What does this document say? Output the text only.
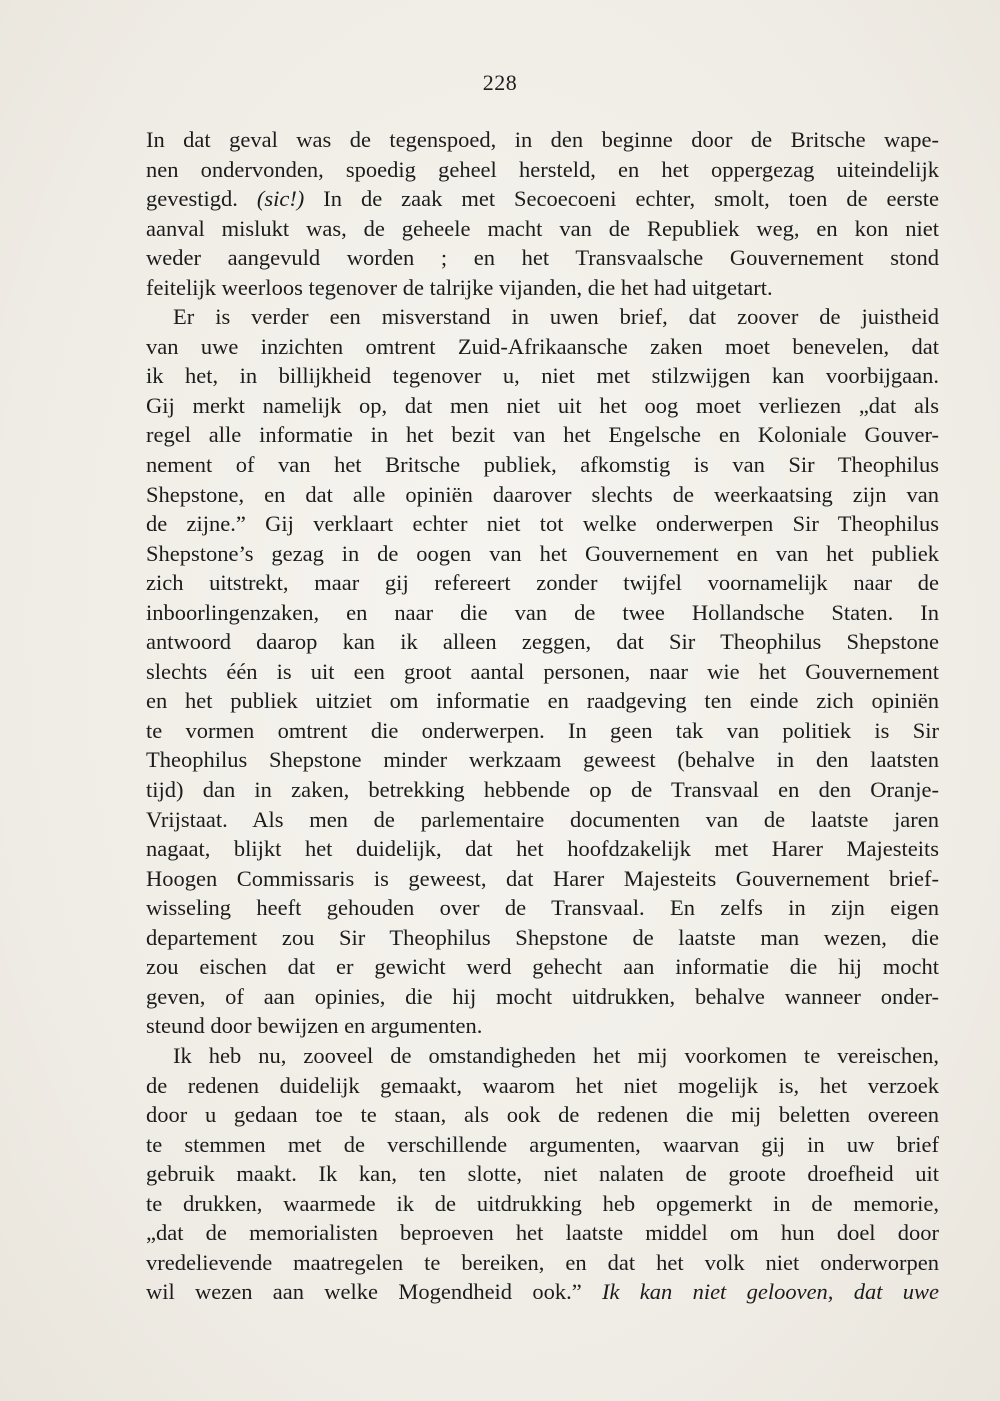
228
In dat geval was de tegenspoed, in den beginne door de Britsche wape-
nen ondervonden, spoedig geheel hersteld, en het oppergezag uiteindelijk
gevestigd. (sic!) In de zaak met Secoecoeni echter, smolt, toen de eerste
aanval mislukt was, de geheele macht van de Republiek weg, en kon niet
weder aangevuld worden ; en het Transvaalsche Gouvernement stond
feitelijk weerloos tegenover de talrijke vijanden, die het had uitgetart.
Er is verder een misverstand in uwen brief, dat zoover de juistheid
van uwe inzichten omtrent Zuid-Afrikaansche zaken moet benevelen, dat
ik het, in billijkheid tegenover u, niet met stilzwijgen kan voorbijgaan.
Gij merkt namelijk op, dat men niet uit het oog moet verliezen „dat als
regel alle informatie in het bezit van het Engelsche en Koloniale Gouver-
nement of van het Britsche publiek, afkomstig is van Sir Theophilus
Shepstone, en dat alle opiniën daarover slechts de weerkaatsing zijn van
de zijne.” Gij verklaart echter niet tot welke onderwerpen Sir Theophilus
Shepstone’s gezag in de oogen van het Gouvernement en van het publiek
zich uitstrekt, maar gij refereert zonder twijfel voornamelijk naar de
inboorlingenzaken, en naar die van de twee Hollandsche Staten. In
antwoord daarop kan ik alleen zeggen, dat Sir Theophilus Shepstone
slechts één is uit een groot aantal personen, naar wie het Gouvernement
en het publiek uitziet om informatie en raadgeving ten einde zich opiniën
te vormen omtrent die onderwerpen. In geen tak van politiek is Sir
Theophilus Shepstone minder werkzaam geweest (behalve in den laatsten
tijd) dan in zaken, betrekking hebbende op de Transvaal en den Oranje-
Vrijstaat. Als men de parlementaire documenten van de laatste jaren
nagaat, blijkt het duidelijk, dat het hoofdzakelijk met Harer Majesteits
Hoogen Commissaris is geweest, dat Harer Majesteits Gouvernement brief-
wisseling heeft gehouden over de Transvaal. En zelfs in zijn eigen
departement zou Sir Theophilus Shepstone de laatste man wezen, die
zou eischen dat er gewicht werd gehecht aan informatie die hij mocht
geven, of aan opinies, die hij mocht uitdrukken, behalve wanneer onder-
steund door bewijzen en argumenten.
Ik heb nu, zooveel de omstandigheden het mij voorkomen te vereischen,
de redenen duidelijk gemaakt, waarom het niet mogelijk is, het verzoek
door u gedaan toe te staan, als ook de redenen die mij beletten overeen
te stemmen met de verschillende argumenten, waarvan gij in uw brief
gebruik maakt. Ik kan, ten slotte, niet nalaten de groote droefheid uit
te drukken, waarmede ik de uitdrukking heb opgemerkt in de memorie,
„dat de memorialisten beproeven het laatste middel om hun doel door
vredelievende maatregelen te bereiken, en dat het volk niet onderworpen
wil wezen aan welke Mogendheid ook.” Ik kan niet gelooven, dat uwe
